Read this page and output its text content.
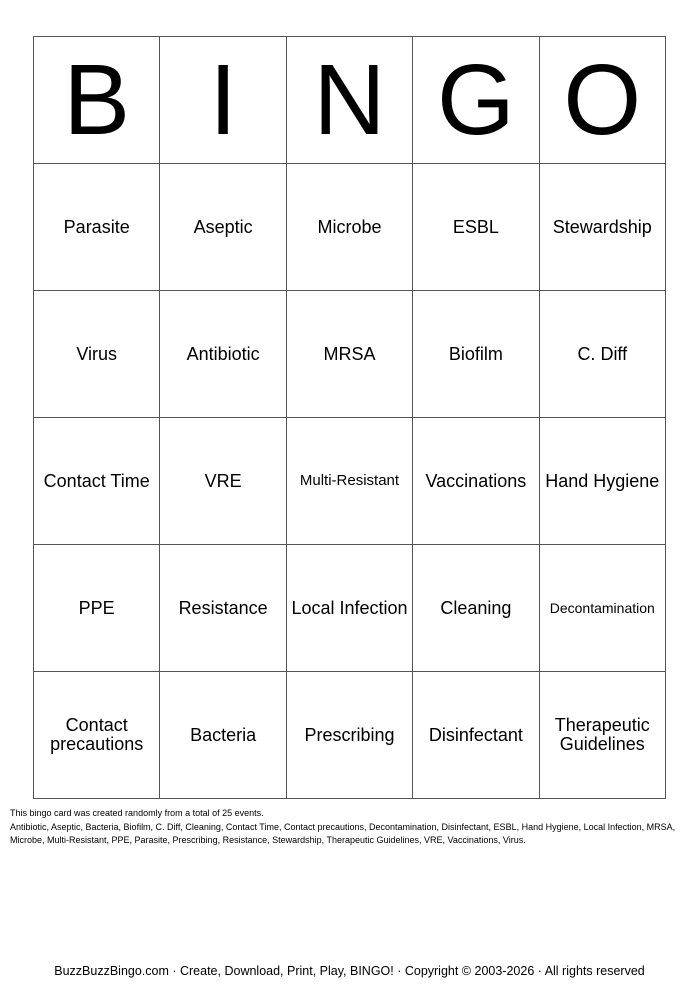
B	I	N	G	O
Parasite	Aseptic	Microbe	ESBL	Stewardship
Virus	Antibiotic	MRSA	Biofilm	C. Diff
Contact Time	VRE	Multi-Resistant	Vaccinations	Hand Hygiene
PPE	Resistance	Local Infection	Cleaning	Decontamination
Contact precautions	Bacteria	Prescribing	Disinfectant	Therapeutic Guidelines
This bingo card was created randomly from a total of 25 events.
Antibiotic, Aseptic, Bacteria, Biofilm, C. Diff, Cleaning, Contact Time, Contact precautions, Decontamination, Disinfectant, ESBL, Hand Hygiene, Local Infection, MRSA, Microbe, Multi-Resistant, PPE, Parasite, Prescribing, Resistance, Stewardship, Therapeutic Guidelines, VRE, Vaccinations, Virus.
BuzzBuzzBingo.com · Create, Download, Print, Play, BINGO! · Copyright © 2003-2026 · All rights reserved
